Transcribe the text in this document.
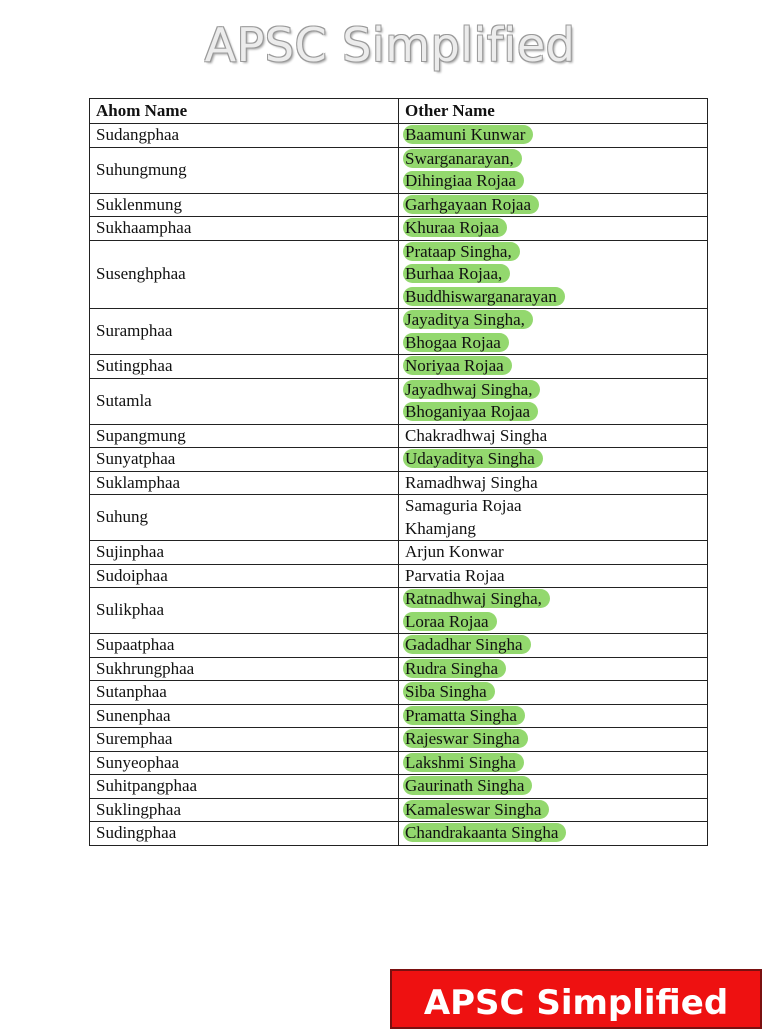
APSC Simplified
Ahom Name	Other Name
Sudangphaa	Baamuni Kunwar

Suhungmung	Swarganarayan,
Dihingiaa Rojaa

Suklenmung	Garhgayaan Rojaa

Sukhaamphaa	Khuraa Rojaa

Susenghphaa	Prataap Singha,
Burhaa Rojaa,
Buddhiswarganarayan

Suramphaa	Jayaditya Singha,
Bhogaa Rojaa

Sutingphaa	Noriyaa Rojaa

Sutamla	Jayadhwaj Singha,
Bhoganiyaa Rojaa

Supangmung	Chakradhwaj Singha

Sunyatphaa	Udayaditya Singha

Suklamphaa	Ramadhwaj Singha

Suhung	Samaguria Rojaa
Khamjang

Sujinphaa	Arjun Konwar

Sudoiphaa	Parvatia Rojaa

Sulikphaa	Ratnadhwaj Singha,
Loraa Rojaa

Supaatphaa	Gadadhar Singha

Sukhrungphaa	Rudra Singha

Sutanphaa	Siba Singha

Sunenphaa	Pramatta Singha

Suremphaa	Rajeswar Singha

Sunyeophaa	Lakshmi Singha

Suhitpangphaa	Gaurinath Singha

Suklingphaa	Kamaleswar Singha

Sudingphaa	Chandrakaanta Singha
APSC Simplified
